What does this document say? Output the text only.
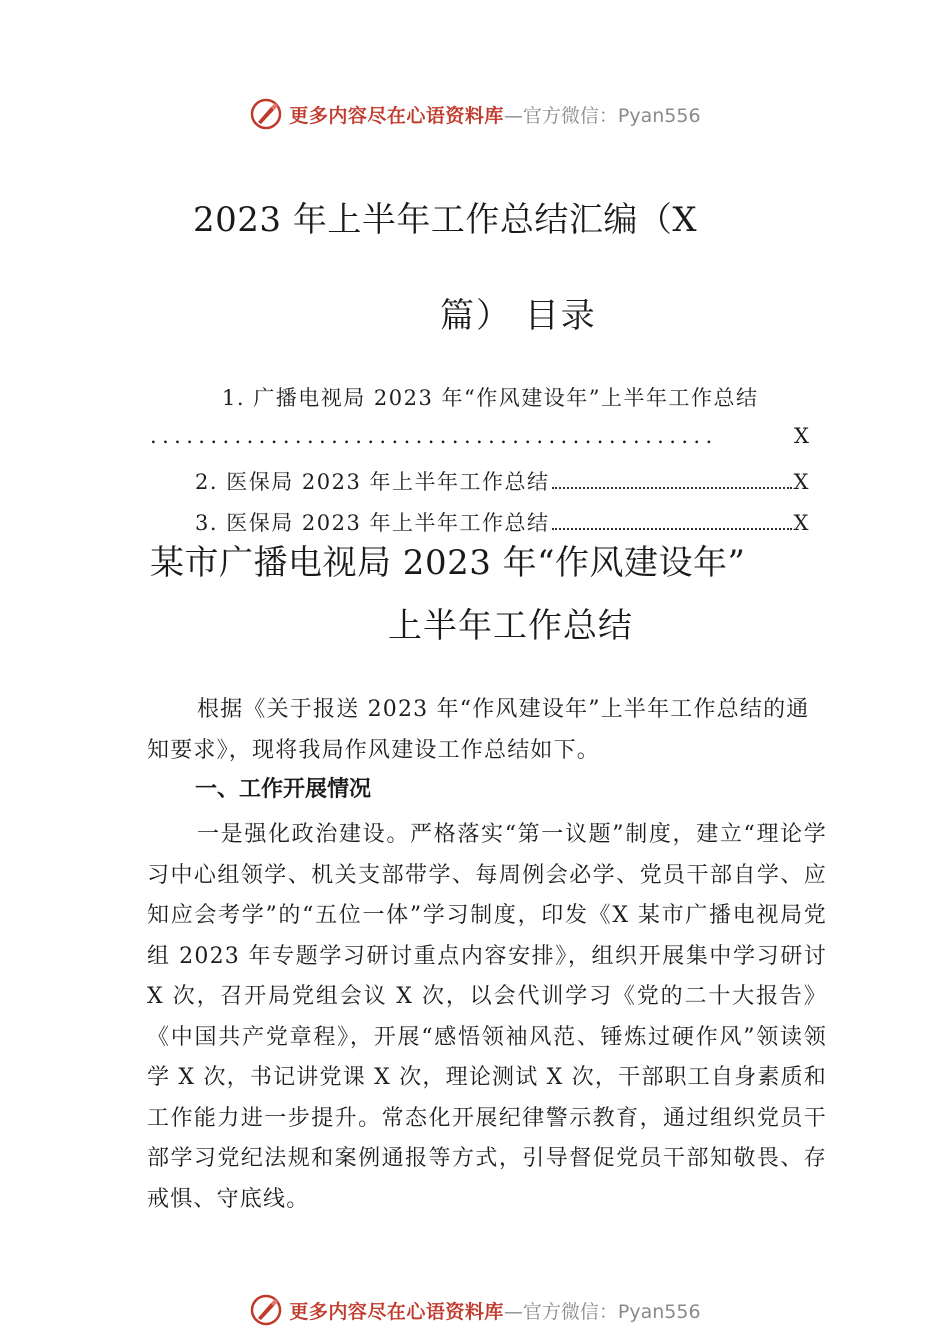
更多内容尽在心语资料库 —官方微信：Pyan556
2023 年上半年工作总结汇编（X
篇） 目录
1. 广播电视局 2023 年“作风建设年”上半年工作总结
...............................................	X
2. 医保局 2023 年上半年工作总结	X
3. 医保局 2023 年上半年工作总结	X
某市广播电视局 2023 年“作风建设年”
上半年工作总结
根据《关于报送 2023 年“作风建设年”上半年工作总结的通知要求》，现将我局作风建设工作总结如下。
一、工作开展情况
一是强化政治建设。严格落实“第一议题”制度，建立“理论学习中心组领学、机关支部带学、每周例会必学、党员干部自学、应知应会考学”的“五位一体”学习制度，印发《X 某市广播电视局党组 2023 年专题学习研讨重点内容安排》，组织开展集中学习研讨 X 次，召开局党组会议 X 次，以会代训学习《党的二十大报告》《中国共产党章程》，开展“感悟领袖风范、锤炼过硬作风”领读领学 X 次，书记讲党课 X 次，理论测试 X 次，干部职工自身素质和工作能力进一步提升。常态化开展纪律警示教育，通过组织党员干部学习党纪法规和案例通报等方式，引导督促党员干部知敬畏、存戒惧、守底线。
更多内容尽在心语资料库 —官方微信：Pyan556
